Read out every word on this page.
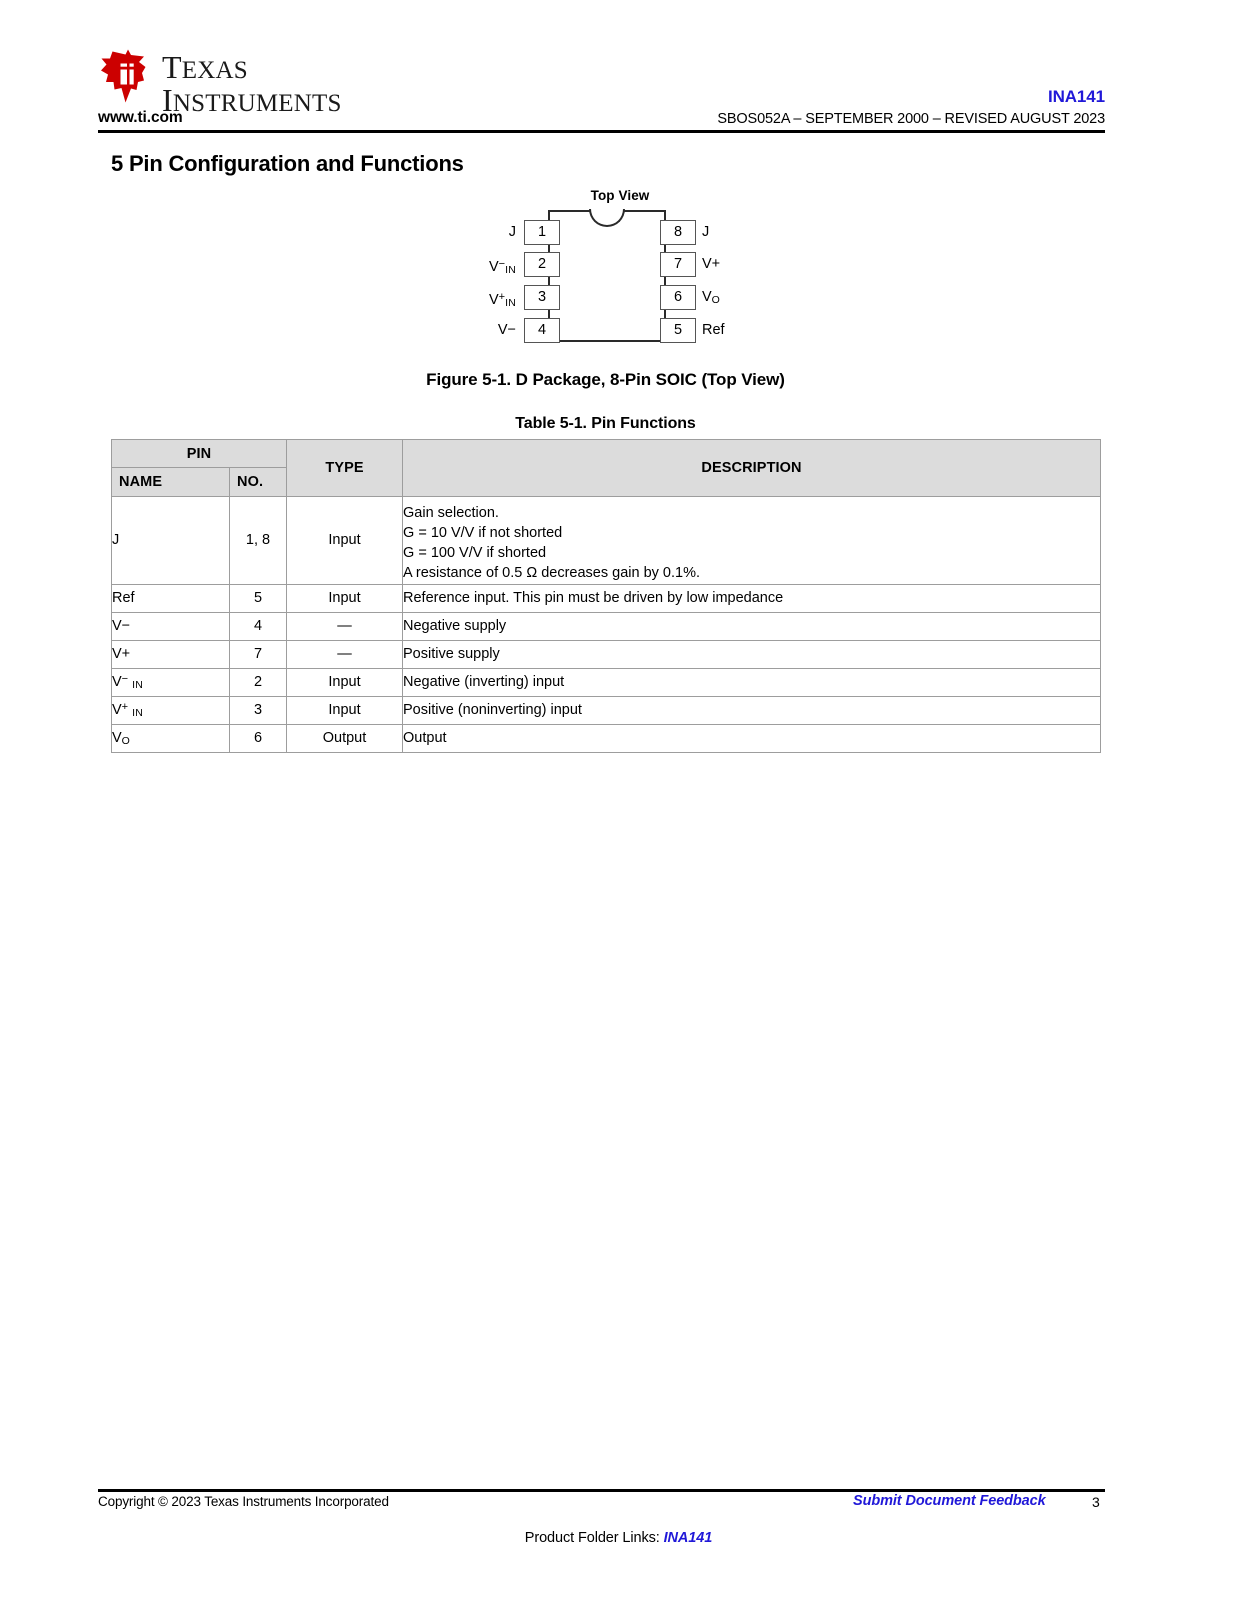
TEXAS
INSTRUMENTS
www.ti.com
INA141
SBOS052A – SEPTEMBER 2000 – REVISED AUGUST 2023
5 Pin Configuration and Functions
Top View
1
J
2
$V^-_{IN}$
3
$V^+_{IN}$
4
V−
8	J
7	V+
6	$V_O$
5	Ref
Figure 5-1. D Package, 8-Pin SOIC (Top View)
Table 5-1. Pin Functions
PIN		TYPE	DESCRIPTION
NAME	NO.		
J	1, 8	Input	Gain selection.
G = 10 V/V if not shorted
G = 100 V/V if shorted
A resistance of 0.5 Ω decreases gain by 0.1%.

Ref	5	Input	Reference input. This pin must be driven by low impedance

V−	4	—	Negative supply

V+	7	—	Positive supply

V− $_{IN}$	2	Input	Negative (inverting) input

V+ $_{IN}$	3	Input	Positive (noninverting) input

$V_O$	6	Output	Output
Copyright © 2023 Texas Instruments Incorporated	Submit Document Feedback	3
Product Folder Links: INA141
